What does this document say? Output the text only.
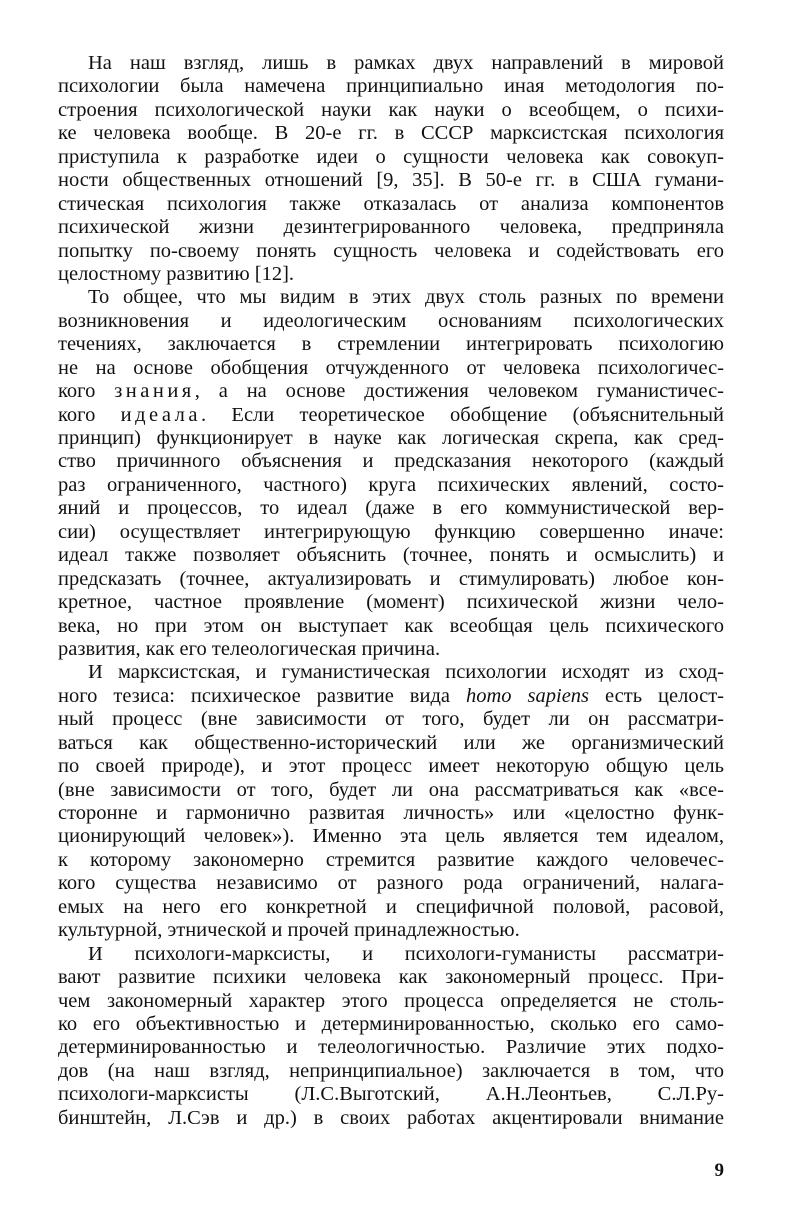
На наш взгляд, лишь в рамках двух направлений в мировой
психологии была намечена принципиально иная методология по-
строения психологической науки как науки о всеобщем, о психи-
ке человека вообще. В 20-е гг. в СССР марксистская психология
приступила к разработке идеи о сущности человека как совокуп-
ности общественных отношений [9, 35]. В 50-е гг. в США гумани-
стическая психология также отказалась от анализа компонентов
психической жизни дезинтегрированного человека, предприняла
попытку по-своему понять сущность человека и содействовать его
целостному развитию [12].
То общее, что мы видим в этих двух столь разных по времени
возникновения и идеологическим основаниям психологических
течениях, заключается в стремлении интегрировать психологию
не на основе обобщения отчужденного от человека психологичес-
кого знания, а на основе достижения человеком гуманистичес-
кого идеала. Если теоретическое обобщение (объяснительный
принцип) функционирует в науке как логическая скрепа, как сред-
ство причинного объяснения и предсказания некоторого (каждый
раз ограниченного, частного) круга психических явлений, состо-
яний и процессов, то идеал (даже в его коммунистической вер-
сии) осуществляет интегрирующую функцию совершенно иначе:
идеал также позволяет объяснить (точнее, понять и осмыслить) и
предсказать (точнее, актуализировать и стимулировать) любое кон-
кретное, частное проявление (момент) психической жизни чело-
века, но при этом он выступает как всеобщая цель психического
развития, как его телеологическая причина.
И марксистская, и гуманистическая психологии исходят из сход-
ного тезиса: психическое развитие вида homo sapiens есть целост-
ный процесс (вне зависимости от того, будет ли он рассматри-
ваться как общественно-исторический или же организмический
по своей природе), и этот процесс имеет некоторую общую цель
(вне зависимости от того, будет ли она рассматриваться как «все-
сторонне и гармонично развитая личность» или «целостно функ-
ционирующий человек»). Именно эта цель является тем идеалом,
к которому закономерно стремится развитие каждого человечес-
кого существа независимо от разного рода ограничений, налага-
емых на него его конкретной и специфичной половой, расовой,
культурной, этнической и прочей принадлежностью.
И психологи-марксисты, и психологи-гуманисты рассматри-
вают развитие психики человека как закономерный процесс. При-
чем закономерный характер этого процесса определяется не столь-
ко его объективностью и детерминированностью, сколько его само-
детерминированностью и телеологичностью. Различие этих подхо-
дов (на наш взгляд, непринципиальное) заключается в том, что
психологи-марксисты (Л.С.Выготский, А.Н.Леонтьев, С.Л.Ру-
бинштейн, Л.Сэв и др.) в своих работах акцентировали внимание
9
